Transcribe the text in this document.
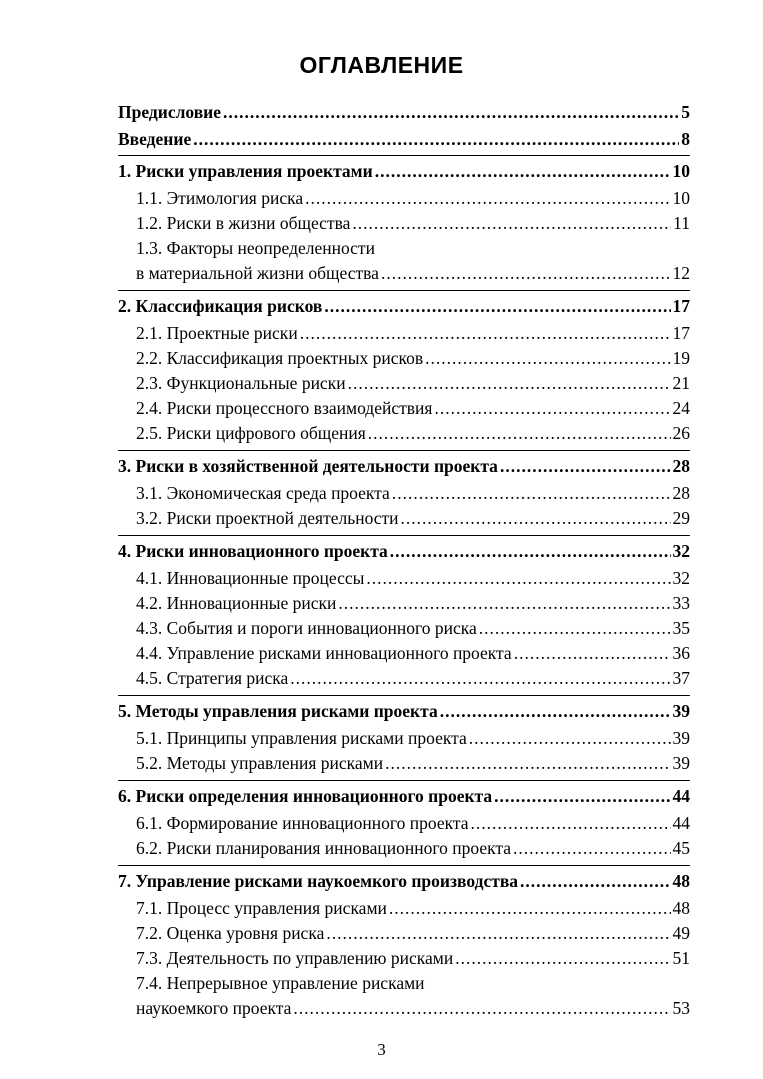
ОГЛАВЛЕНИЕ
Предисловие .....	5
Введение .....	8
1. Риски управления проектами .....	10
1.1. Этимология риска .....	10
1.2. Риски в жизни общества .....	11
1.3. Факторы неопределенности
в материальной жизни общества .....	12
2. Классификация рисков .....	17
2.1. Проектные риски .....	17
2.2. Классификация проектных рисков .....	19
2.3. Функциональные риски .....	21
2.4. Риски процессного взаимодействия .....	24
2.5. Риски цифрового общения .....	26
3. Риски в хозяйственной деятельности проекта .....	28
3.1. Экономическая среда проекта .....	28
3.2. Риски проектной деятельности .....	29
4. Риски инновационного проекта .....	32
4.1. Инновационные процессы .....	32
4.2. Инновационные риски .....	33
4.3. События и пороги инновационного риска .....	35
4.4. Управление рисками инновационного проекта .....	36
4.5. Стратегия риска .....	37
5. Методы управления рисками проекта .....	39
5.1. Принципы управления рисками проекта .....	39
5.2. Методы управления рисками .....	39
6. Риски определения инновационного проекта .....	44
6.1. Формирование инновационного проекта .....	44
6.2. Риски планирования инновационного проекта .....	45
7. Управление рисками наукоемкого производства .....	48
7.1. Процесс управления рисками .....	48
7.2. Оценка уровня риска .....	49
7.3. Деятельность по управлению рисками .....	51
7.4. Непрерывное управление рисками
наукоемкого проекта .....	53
3
